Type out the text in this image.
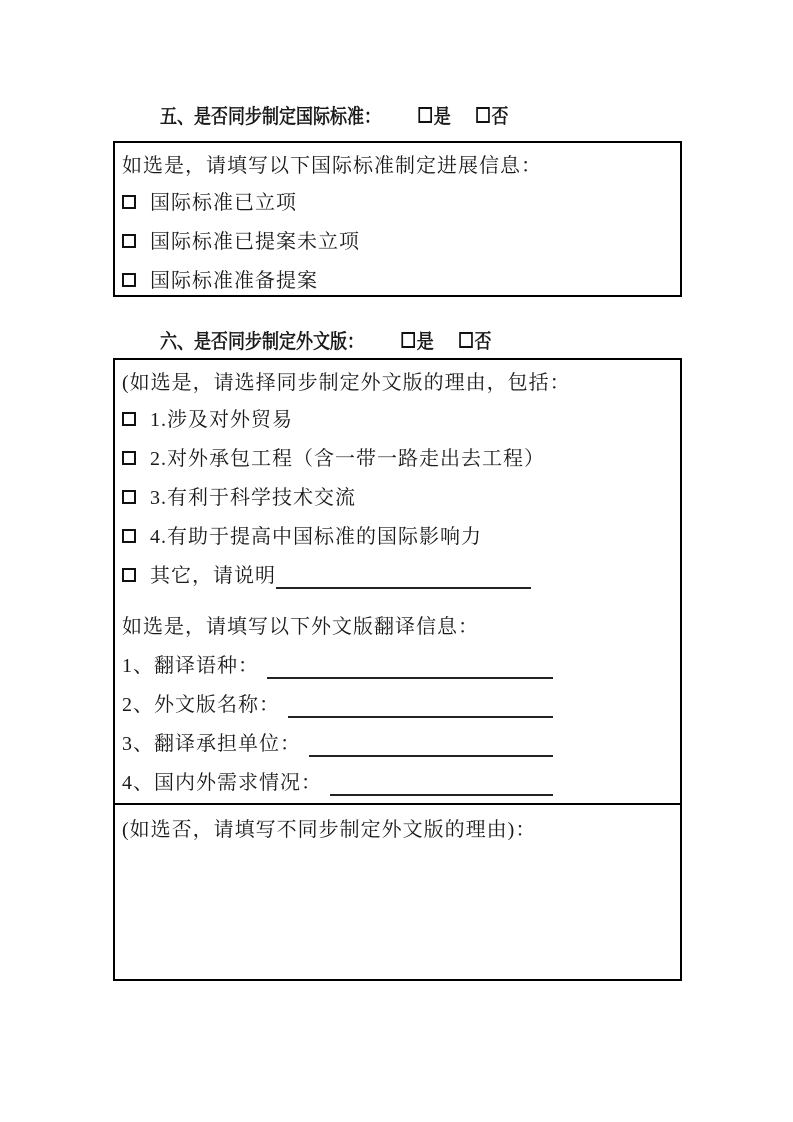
五、是否同步制定国际标准：	是 否
如选是，请填写以下国际标准制定进展信息：
国际标准已立项
国际标准已提案未立项
国际标准准备提案
六、是否同步制定外文版：	是 否
(如选是，请选择同步制定外文版的理由，包括：
1.涉及对外贸易
2.对外承包工程（含一带一路走出去工程）
3.有利于科学技术交流
4.有助于提高中国标准的国际影响力
其它，请说明
如选是，请填写以下外文版翻译信息：
1、翻译语种：
2、外文版名称：
3、翻译承担单位：
4、国内外需求情况：
(如选否，请填写不同步制定外文版的理由)：
